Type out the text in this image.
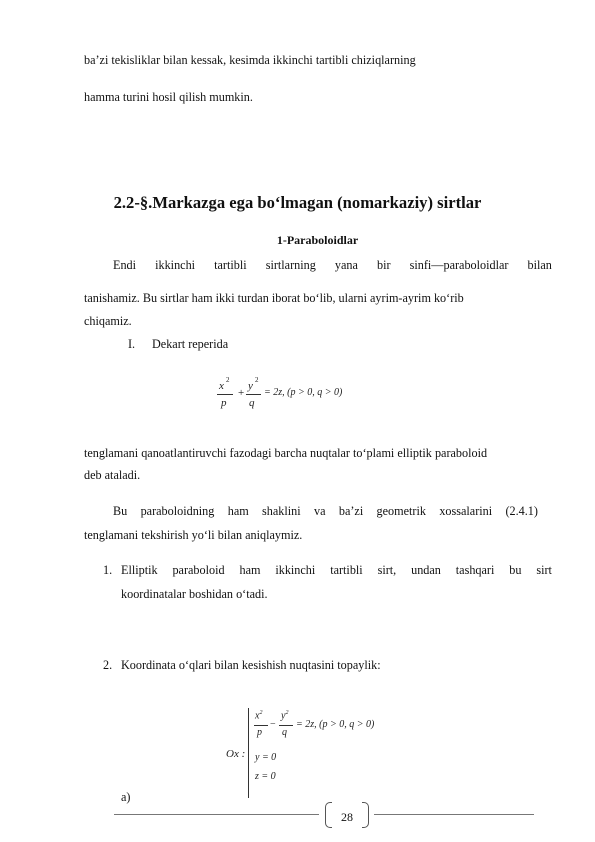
ba’zi tekisliklar bilan kessak, kesimda ikkinchi tartibli chiziqlarning
hamma turini hosil qilish mumkin.
2.2-§.Markazga ega bo‘lmagan (nomarkaziy) sirtlar
1-Paraboloidlar
Endi ikkinchi tartibli sirtlarning yana bir sinfi—paraboloidlar bilan
tanishamiz. Bu sirtlar ham ikki turdan iborat bo‘lib, ularni ayrim-ayrim ko‘rib
chiqamiz.
I. Dekart reperida
x 2
p
+
y 2
q
= 2z, (p > 0, q > 0)
tenglamani qanoatlantiruvchi fazodagi barcha nuqtalar to‘plami elliptik paraboloid
deb ataladi.
Bu paraboloidning ham shaklini va ba’zi geometrik xossalarini (2.4.1)
tenglamani tekshirish yo‘li bilan aniqlaymiz.
1. Elliptik paraboloid ham ikkinchi tartibli sirt, undan tashqari bu sirt
koordinatalar boshidan o‘tadi.
2. Koordinata o‘qlari bilan kesishish nuqtasini topaylik:
Ox :
$x^2$
p
−
$y^2$
q
= 2z, (p > 0, q > 0)
y = 0
z = 0
a)
28
